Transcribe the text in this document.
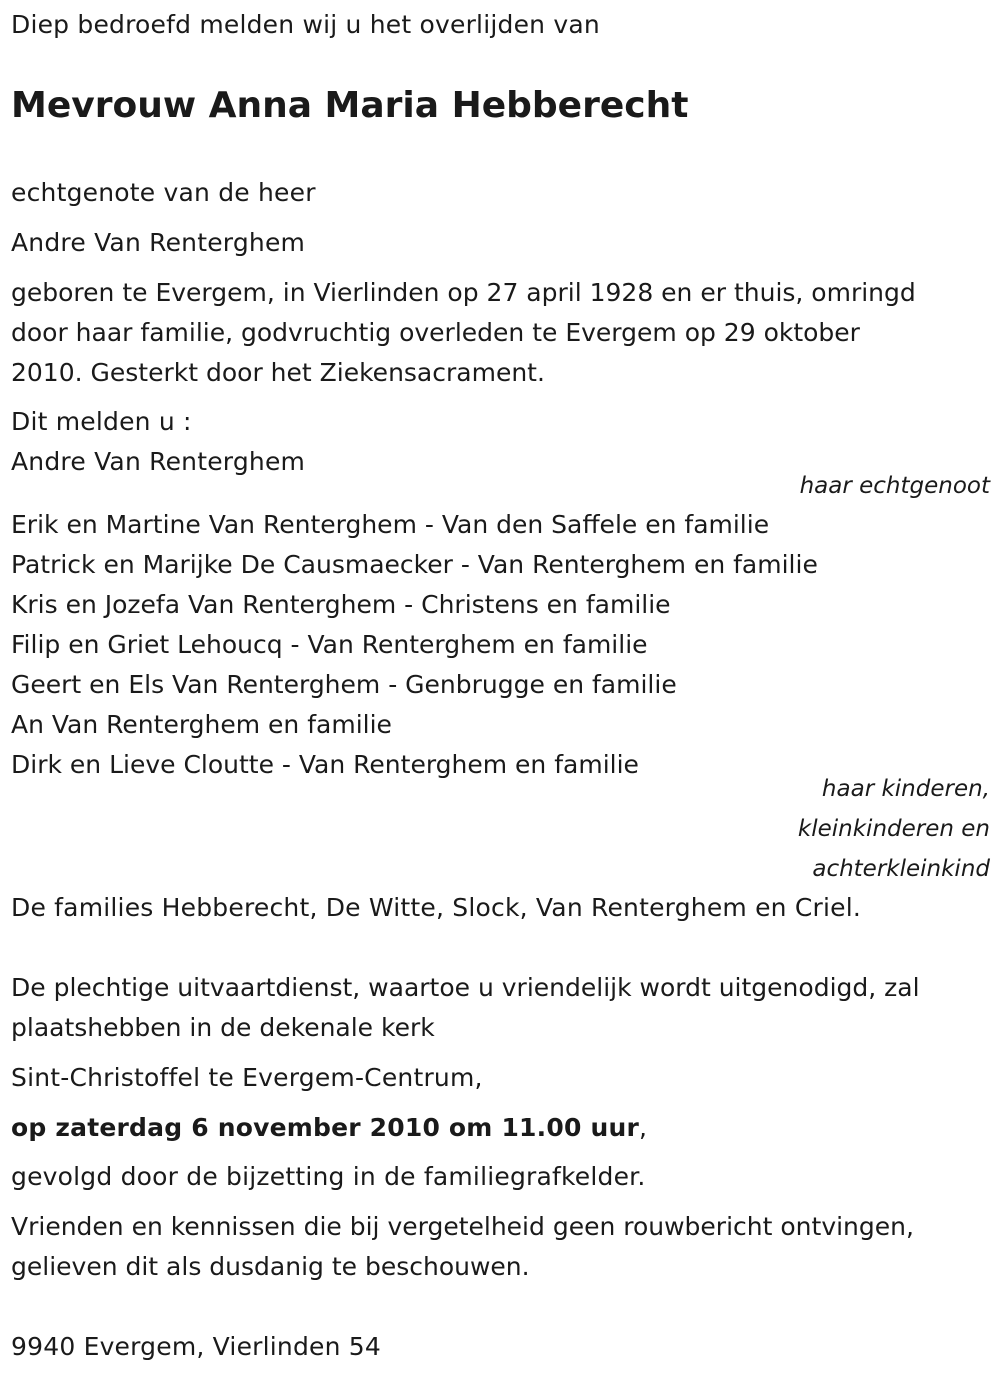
Diep bedroefd melden wij u het overlijden van
Mevrouw Anna Maria Hebberecht
echtgenote van de heer
Andre Van Renterghem
geboren te Evergem, in Vierlinden op 27 april 1928 en er thuis, omringd
door haar familie, godvruchtig overleden te Evergem op 29 oktober
2010. Gesterkt door het Ziekensacrament.
Dit melden u :
Andre Van Renterghem
haar echtgenoot
Erik en Martine Van Renterghem - Van den Saffele en familie
Patrick en Marijke De Causmaecker - Van Renterghem en familie
Kris en Jozefa Van Renterghem - Christens en familie
Filip en Griet Lehoucq - Van Renterghem en familie
Geert en Els Van Renterghem - Genbrugge en familie
An Van Renterghem en familie
Dirk en Lieve Cloutte - Van Renterghem en familie
haar kinderen,
kleinkinderen en
achterkleinkind
De families Hebberecht, De Witte, Slock, Van Renterghem en Criel.
De plechtige uitvaartdienst, waartoe u vriendelijk wordt uitgenodigd, zal
plaatshebben in de dekenale kerk
Sint-Christoffel te Evergem-Centrum,
op zaterdag 6 november 2010 om 11.00 uur,
gevolgd door de bijzetting in de familiegrafkelder.
Vrienden en kennissen die bij vergetelheid geen rouwbericht ontvingen,
gelieven dit als dusdanig te beschouwen.
9940 Evergem, Vierlinden 54
